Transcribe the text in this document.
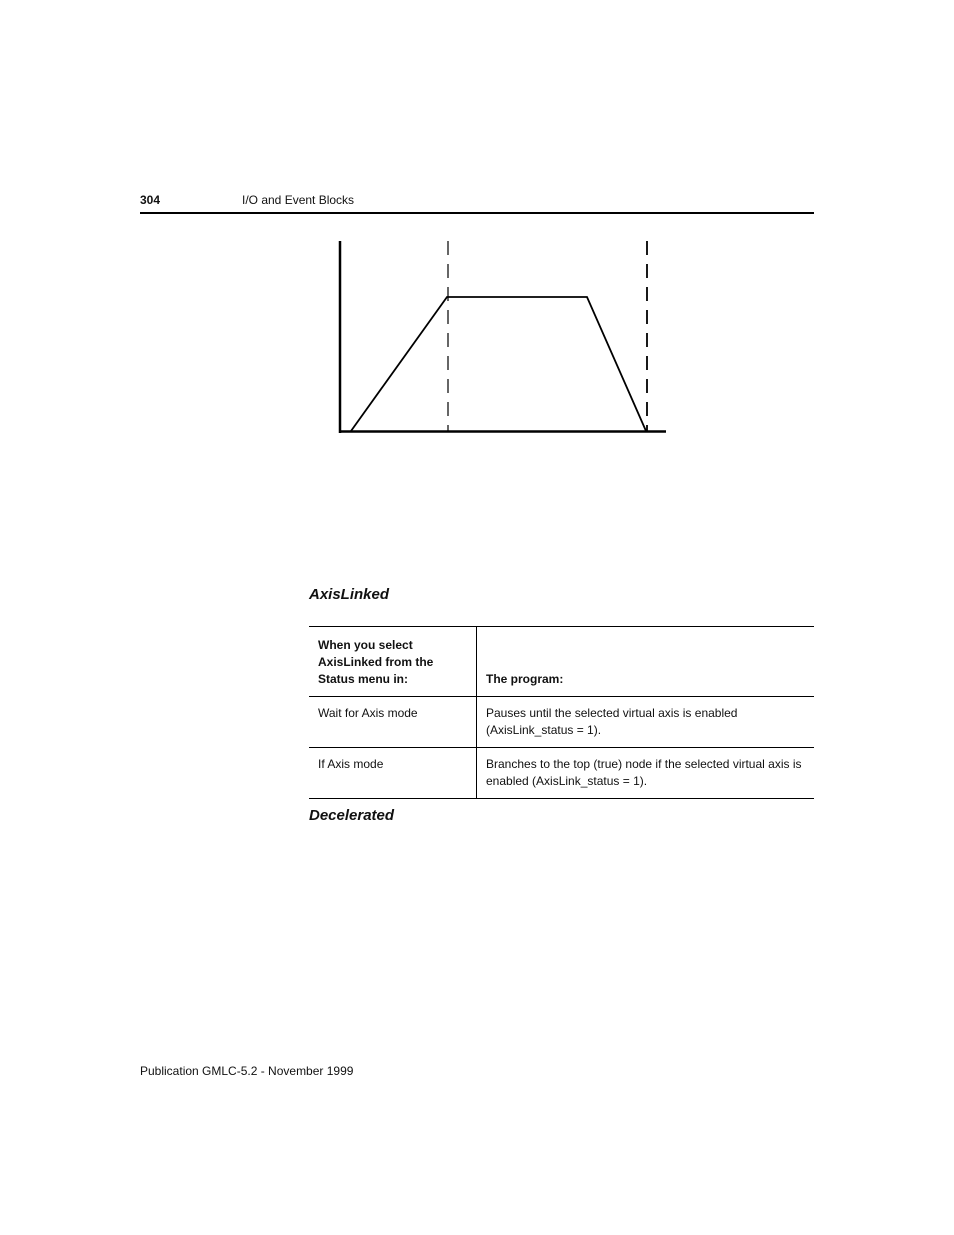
304	I/O and Event Blocks
AxisLinked
When you select AxisLinked from the Status menu in:	The program:
Wait for Axis mode	Pauses until the selected virtual axis is enabled (AxisLink_status = 1).
If Axis mode	Branches to the top (true) node if the selected virtual axis is enabled (AxisLink_status = 1).
Decelerated
Publication GMLC-5.2 - November 1999
